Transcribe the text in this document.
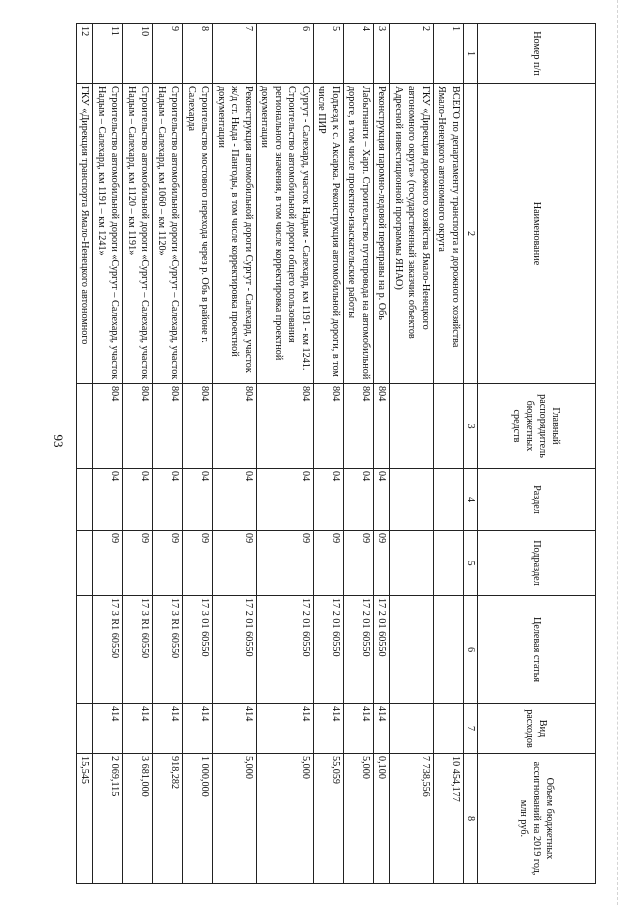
93
Номер п/п	Наименование	Главный распорядитель бюджетных средств	Раздел	Подраздел	Целевая статья	Вид расходов	Объем бюджетных ассигнований на 2019 год, млн руб.
1	2	3	4	5	6	7	8
1	ВСЕГО по департаменту транспорта и дорожного хозяйства Ямало-Ненецкого автономного округа						10 454,177
2	ГКУ «Дирекция дорожного хозяйства Ямало-Ненецкого автономного округа» (государственный заказчик объектов Адресной инвестиционной программы ЯНАО)						7 738,556
3	Реконструкция паромно-ледовой переправы на р. Обь	804	04	09	17 2 01 60550	414	0,100
4	Лабытнанги – Харп. Строительство путепровода на автомобильной дороге, в том числе проектно-изыскательские работы	804	04	09	17 2 01 60550	414	5,000
5	Подъезд к с. Аксарка. Реконструкция автомобильной дороги, в том числе ПИР	804	04	09	17 2 01 60550	414	55,059
6	Сургут - Салехард, участок Надым - Салехард, км 1191 - км 1241. Строительство автомобильной дороги общего пользования регионального значения, в том числе корректировка проектной документации	804	04	09	17 2 01 60550	414	5,000
7	Реконструкция автомобильной дороги Сургут - Салехард, участок ж/д ст. Ныда - Пангоды, в том числе корректировка проектной документации	804	04	09	17 2 01 60550	414	5,000
8	Строительство мостового перехода через р. Обь в районе г. Салехарда	804	04	09	17 3 01 60550	414	1 000,000
9	Строительство автомобильной дороги «Сургут – Салехард, участок Надым – Салехард, км 1060 – км 1120»	804	04	09	17 3 R1 60550	414	918,282
10	Строительство автомобильной дороги «Сургут – Салехард, участок Надым – Салехард, км 1120 – км 1191»	804	04	09	17 3 R1 60550	414	3 681,000
11	Строительство автомобильной дороги «Сургут – Салехард, участок Надым – Салехард, км 1191 – км 1241»	804	04	09	17 3 R1 60550	414	2 069,115
12	ГКУ «Дирекция транспорта Ямало-Ненецкого автономного						15,545
